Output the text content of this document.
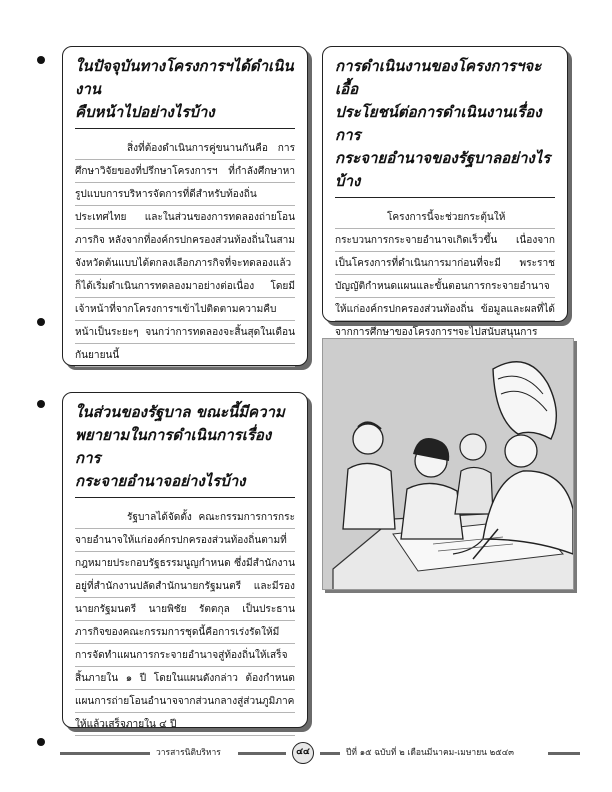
ในปัจจุบันทางโครงการฯได้ดำเนินงาน
คืบหน้าไปอย่างไรบ้าง
สิ่งที่ต้องดำเนินการคู่ขนานกันคือ การศึกษาวิจัยของที่ปรึกษาโครงการฯ ที่กำลังศึกษาหารูปแบบการบริหารจัดการที่ดีสำหรับท้องถิ่นประเทศไทย และในส่วนของการทดลองถ่ายโอนภารกิจ หลังจากที่องค์กรปกครองส่วนท้องถิ่นในสามจังหวัดต้นแบบได้ตกลงเลือกภารกิจที่จะทดลองแล้ว ก็ได้เริ่มดำเนินการทดลองมาอย่างต่อเนื่อง โดยมีเจ้าหน้าที่จากโครงการฯเข้าไปติดตามความคืบหน้าเป็นระยะๆ จนกว่าการทดลองจะสิ้นสุดในเดือนกันยายนนี้
การดำเนินงานของโครงการฯจะเอื้อ
ประโยชน์ต่อการดำเนินงานเรื่องการ
กระจายอำนาจของรัฐบาลอย่างไรบ้าง
โครงการนี้จะช่วยกระตุ้นให้กระบวนการกระจายอำนาจเกิดเร็วขึ้น เนื่องจากเป็นโครงการที่ดำเนินการมาก่อนที่จะมี พระราชบัญญัติกำหนดแผนและขั้นตอนการกระจายอำนาจให้แก่องค์กรปกครองส่วนท้องถิ่น ข้อมูลและผลที่ได้จากการศึกษาของโครงการฯจะไปสนับสนุนการ
ในส่วนของรัฐบาล ขณะนี้มีความ
พยายามในการดำเนินการเรื่องการ
กระจายอำนาจอย่างไรบ้าง
รัฐบาลได้จัดตั้ง คณะกรรมการการกระจายอำนาจให้แก่องค์กรปกครองส่วนท้องถิ่นตามที่กฎหมายประกอบรัฐธรรมนูญกำหนด ซึ่งมีสำนักงานอยู่ที่สำนักงานปลัดสำนักนายกรัฐมนตรี และมีรองนายกรัฐมนตรี นายพิชัย รัตตกุล เป็นประธาน ภารกิจของคณะกรรมการชุดนี้คือการเร่งรัดให้มีการจัดทำแผนการกระจายอำนาจสู่ท้องถิ่นให้เสร็จสิ้นภายใน ๑ ปี โดยในแผนดังกล่าว ต้องกำหนดแผนการถ่ายโอนอำนาจจากส่วนกลางสู่ส่วนภูมิภาคให้แล้วเสร็จภายใน ๔ ปี
วารสารนิติบริหาร	๔๔	ปีที่ ๑๕ ฉบับที่ ๒ เดือนมีนาคม-เมษายน ๒๕๔๓
